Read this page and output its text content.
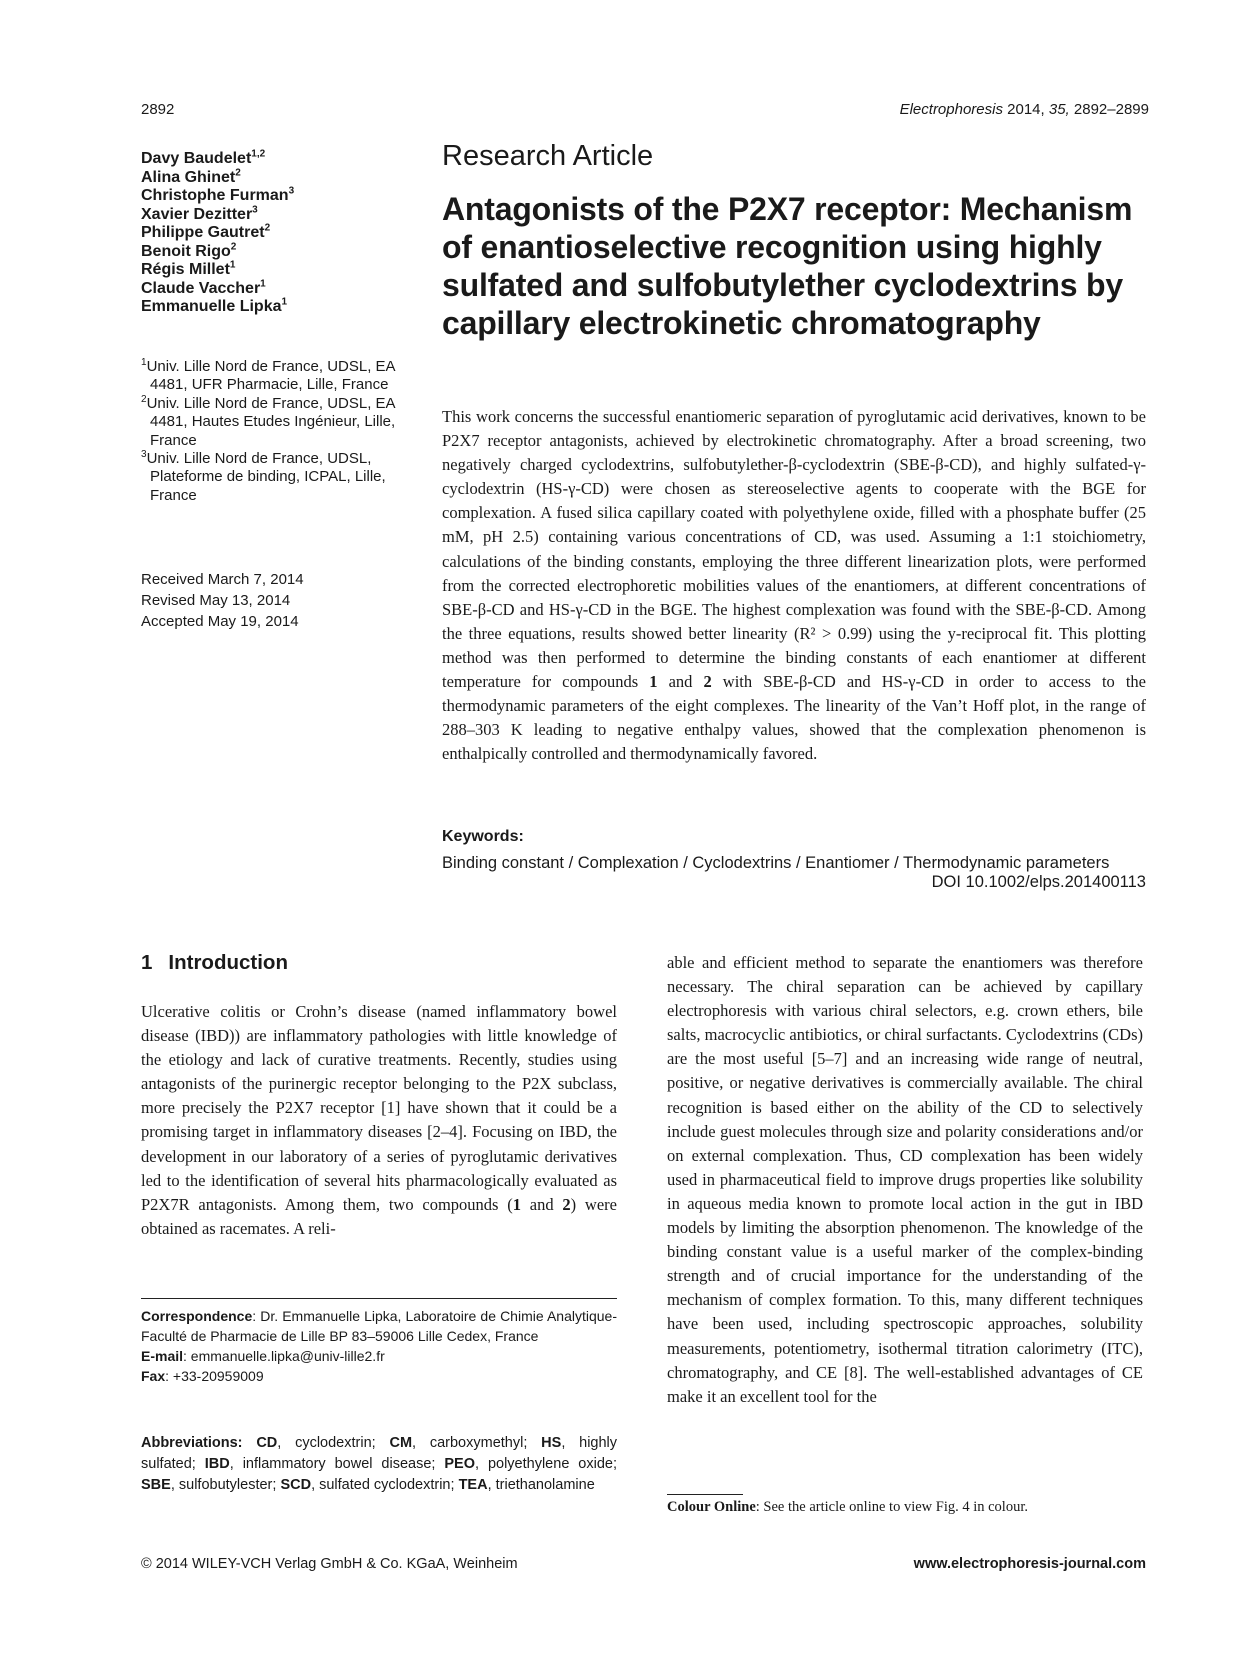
2892	Electrophoresis 2014, 35, 2892–2899
Davy Baudelet$^{1,2}$
Alina Ghinet$^2$
Christophe Furman$^3$
Xavier Dezitter$^3$
Philippe Gautret$^2$
Benoit Rigo$^2$
Régis Millet$^1$
Claude Vaccher$^1$
Emmanuelle Lipka$^1$
$^1$Univ. Lille Nord de France, UDSL, EA 4481, UFR Pharmacie, Lille, France
$^2$Univ. Lille Nord de France, UDSL, EA 4481, Hautes Etudes Ingénieur, Lille, France
$^3$Univ. Lille Nord de France, UDSL, Plateforme de binding, ICPAL, Lille, France
Received March 7, 2014
Revised May 13, 2014
Accepted May 19, 2014
Research Article
Antagonists of the P2X7 receptor: Mechanism of enantioselective recognition using highly sulfated and sulfobutylether cyclodextrins by capillary electrokinetic chromatography

This work concerns the successful enantiomeric separation of pyroglutamic acid derivatives, known to be P2X7 receptor antagonists, achieved by electrokinetic chromatography. After a broad screening, two negatively charged cyclodextrins, sulfobutylether-β-cyclodextrin (SBE-β-CD), and highly sulfated-γ-cyclodextrin (HS-γ-CD) were chosen as stereoselective agents to cooperate with the BGE for complexation. A fused silica capillary coated with polyethylene oxide, filled with a phosphate buffer (25 mM, pH 2.5) containing various concentrations of CD, was used. Assuming a 1:1 stoichiometry, calculations of the binding constants, employing the three different linearization plots, were performed from the corrected electrophoretic mobilities values of the enantiomers, at different concentrations of SBE-β-CD and HS-γ-CD in the BGE. The highest complexation was found with the SBE-β-CD. Among the three equations, results showed better linearity (R² > 0.99) using the y-reciprocal fit. This plotting method was then performed to determine the binding constants of each enantiomer at different temperature for compounds 1 and 2 with SBE-β-CD and HS-γ-CD in order to access to the thermodynamic parameters of the eight complexes. The linearity of the Van’t Hoff plot, in the range of 288–303 K leading to negative enthalpy values, showed that the complexation phenomenon is enthalpically controlled and thermodynamically favored.

Keywords:
Binding constant / Complexation / Cyclodextrins / Enantiomer / Thermodynamic parameters
DOI 10.1002/elps.201400113
1 Introduction

Ulcerative colitis or Crohn’s disease (named inflammatory bowel disease (IBD)) are inflammatory pathologies with little knowledge of the etiology and lack of curative treatments. Recently, studies using antagonists of the purinergic receptor belonging to the P2X subclass, more precisely the P2X7 receptor [1] have shown that it could be a promising target in inflammatory diseases [2–4]. Focusing on IBD, the development in our laboratory of a series of pyroglutamic derivatives led to the identification of several hits pharmacologically evaluated as P2X7R antagonists. Among them, two compounds (1 and 2) were obtained as racemates. A reli-

able and efficient method to separate the enantiomers was therefore necessary. The chiral separation can be achieved by capillary electrophoresis with various chiral selectors, e.g. crown ethers, bile salts, macrocyclic antibiotics, or chiral surfactants. Cyclodextrins (CDs) are the most useful [5–7] and an increasing wide range of neutral, positive, or negative derivatives is commercially available. The chiral recognition is based either on the ability of the CD to selectively include guest molecules through size and polarity considerations and/or on external complexation. Thus, CD complexation has been widely used in pharmaceutical field to improve drugs properties like solubility in aqueous media known to promote local action in the gut in IBD models by limiting the absorption phenomenon. The knowledge of the binding constant value is a useful marker of the complex-binding strength and of crucial importance for the understanding of the mechanism of complex formation. To this, many different techniques have been used, including spectroscopic approaches, solubility measurements, potentiometry, isothermal titration calorimetry (ITC), chromatography, and CE [8]. The well-established advantages of CE make it an excellent tool for the

Correspondence: Dr. Emmanuelle Lipka, Laboratoire de Chimie Analytique-Faculté de Pharmacie de Lille BP 83–59006 Lille Cedex, France
E-mail: emmanuelle.lipka@univ-lille2.fr
Fax: +33-20959009

Abbreviations: CD, cyclodextrin; CM, carboxymethyl; HS, highly sulfated; IBD, inflammatory bowel disease; PEO, polyethylene oxide; SBE, sulfobutylester; SCD, sulfated cyclodextrin; TEA, triethanolamine

Colour Online: See the article online to view Fig. 4 in colour.
© 2014 WILEY-VCH Verlag GmbH & Co. KGaA, Weinheim	www.electrophoresis-journal.com
